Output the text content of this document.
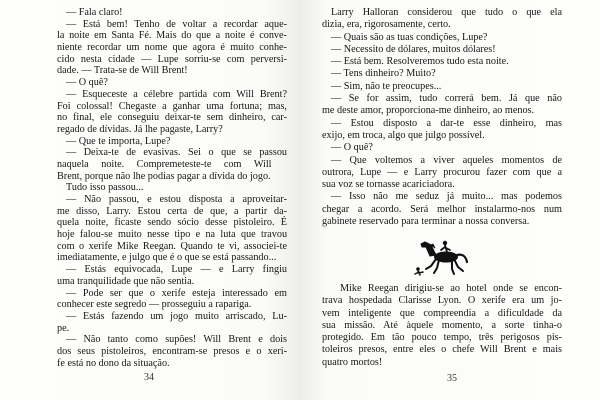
— Fala claro!
— Está bem! Tenho de voltar a recordar aque-
la noite em Santa Fé. Mais do que a noite é conve-
niente recordar um nome que agora é muito conhe-
cido nesta cidade — Lupe sorriu-se com perversi-
dade. — Trata-se de Will Brent!
— O quê?
— Esqueceste a célebre partida com Will Brent?
Foi colossal! Chegaste a ganhar uma fortuna; mas,
no final, ele conseguiu deixar-te sem dinheiro, car-
regado de dívidas. Já lhe pagaste, Larry?
— Que te importa, Lupe?
— Deixa-te de evasivas. Sei o que se passou
naquela noite. Compremeteste-te com Will
Brent, porque não lhe podias pagar a dívida do jogo.
Tudo isso passou...
— Não passou, e estou disposta a aproveitar-
me disso, Larry. Estou certa de que, a partir da-
quela noite, ficaste sendo sócio desse pistoleiro. É
hoje falou-se muito nesse tipo e na luta que travou
com o xerife Mike Reegan. Quando te vi, associei-te
imediatamente, e julgo que é o que se está passando...
— Estás equivocada, Lupe — e Larry fingiu
uma tranquilidade que não sentia.
— Pode ser que o xerife esteja interessado em
conhecer este segredo — prosseguiu a rapariga.
— Estás fazendo um jogo muito arriscado, Lu-
pe.
— Não tanto como supões! Will Brent e dois
dos seus pistoleiros, encontram-se presos e o xeri-
fe está no dono da situação.
34
Larry Halloran considerou que tudo o que ela
dizia, era, rigorosamente, certo.
— Quais são as tuas condições, Lupe?
— Necessito de dólares, muitos dólares!
— Está bem. Resolveremos tudo esta noite.
— Tens dinheiro? Muito?
— Sim, não te preocupes...
— Se for assim, tudo correrá bem. Já que não
me deste amor, proporciona-me dinheiro, ao menos.
— Estou disposto a dar-te esse dinheiro, mas
exijo, em troca, algo que julgo possível.
— O quê?
— Que voltemos a viver aqueles momentos de
outrora, Lupe — e Larry procurou fazer com que a
sua voz se tornasse acariciadora.
— Isso não me seduz já muito... mas podemos
chegar a acordo. Será melhor instalarmo-nos num
gabinete reservado para terminar a nossa conversa.
Mike Reegan dirigiu-se ao hotel onde se encon-
trava hospedada Clarisse Lyon. O xerife era um jo-
vem inteligente que compreendia a dificuldade da
sua missão. Até àquele momento, a sorte tinha-o
protegido. Em tão pouco tempo, três perigosos pis-
toleiros presos, entre eles o chefe Will Brent e mais
quatro mortos!
35
